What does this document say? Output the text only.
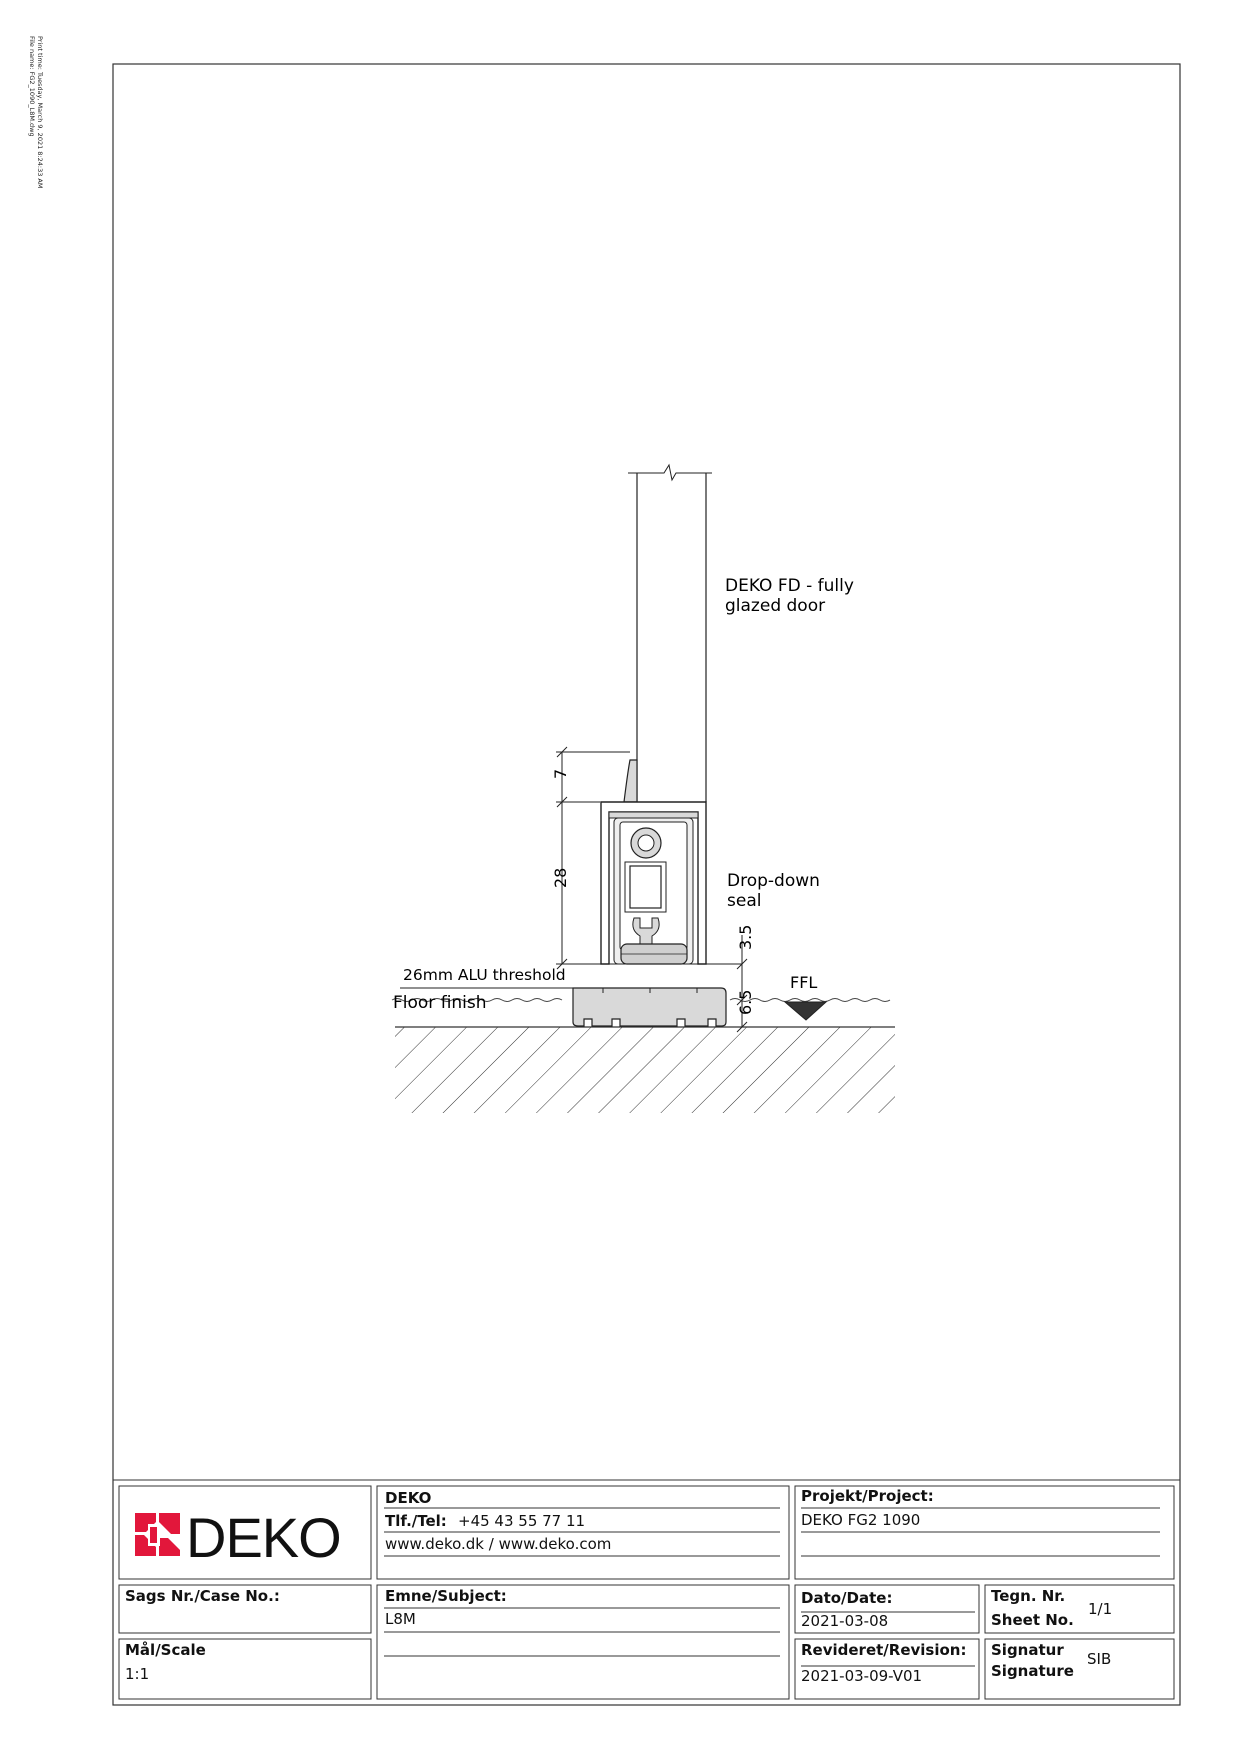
Print time: Tuesday, March 9, 2021 8:24:33 AM
File name: FG2_1090_L8M.dwg
DEKO FD - fully
glazed door
Drop-down
seal
26mm ALU threshold
Floor finish
FFL
7
28
3.5
6.5
DEKO
DEKO
Tlf./Tel: +45 43 55 77 11
www.deko.dk / www.deko.com
Projekt/Project:
DEKO FG2 1090
Sags Nr./Case No.:	Emne/Subject:
L8M
Dato/Date:
2021-03-08
Tegn. Nr.
Sheet No.
1/1
Mål/Scale
1:1
Revideret/Revision:
2021-03-09-V01
Signatur
Signature
SIB
